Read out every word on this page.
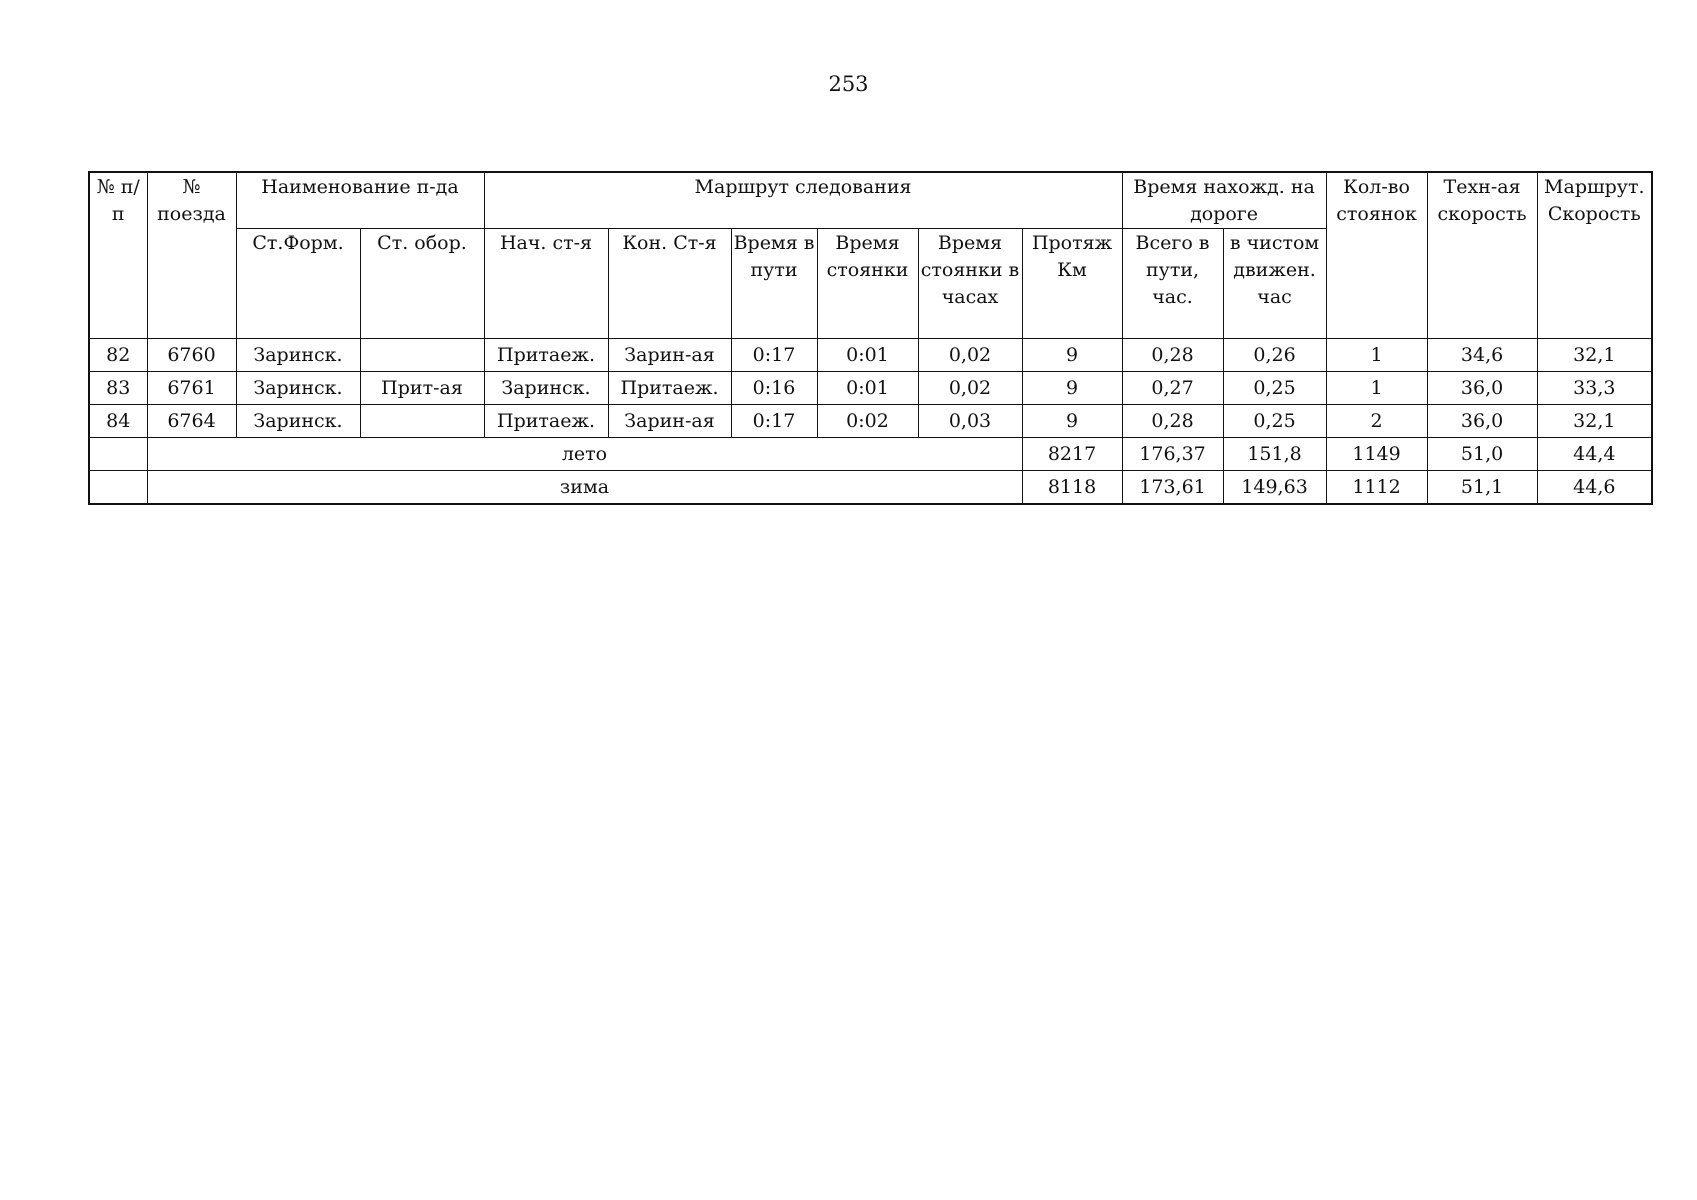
253
№ п/п	№ поезда	Наименование п-да		Маршрут следования						Время нахожд. на дороге		Кол-во стоянок	Техн-ая скорость	Маршрут. Скорость
		Ст.Форм.	Ст. обор.	Нач. ст-я	Кон. Ст-я	Время в пути	Время стоянки	Время стоянки в часах	Протяж Км	Всего в пути, час.	в чистом движен. час			
82	6760	Заринск.		Притаеж.	Зарин-ая	0:17	0:01	0,02	9	0,28	0,26	1	34,6	32,1
83	6761	Заринск.	Прит-ая	Заринск.	Притаеж.	0:16	0:01	0,02	9	0,27	0,25	1	36,0	33,3
84	6764	Заринск.		Притаеж.	Зарин-ая	0:17	0:02	0,03	9	0,28	0,25	2	36,0	32,1
	лето								8217	176,37	151,8	1149	51,0	44,4
	зима								8118	173,61	149,63	1112	51,1	44,6
